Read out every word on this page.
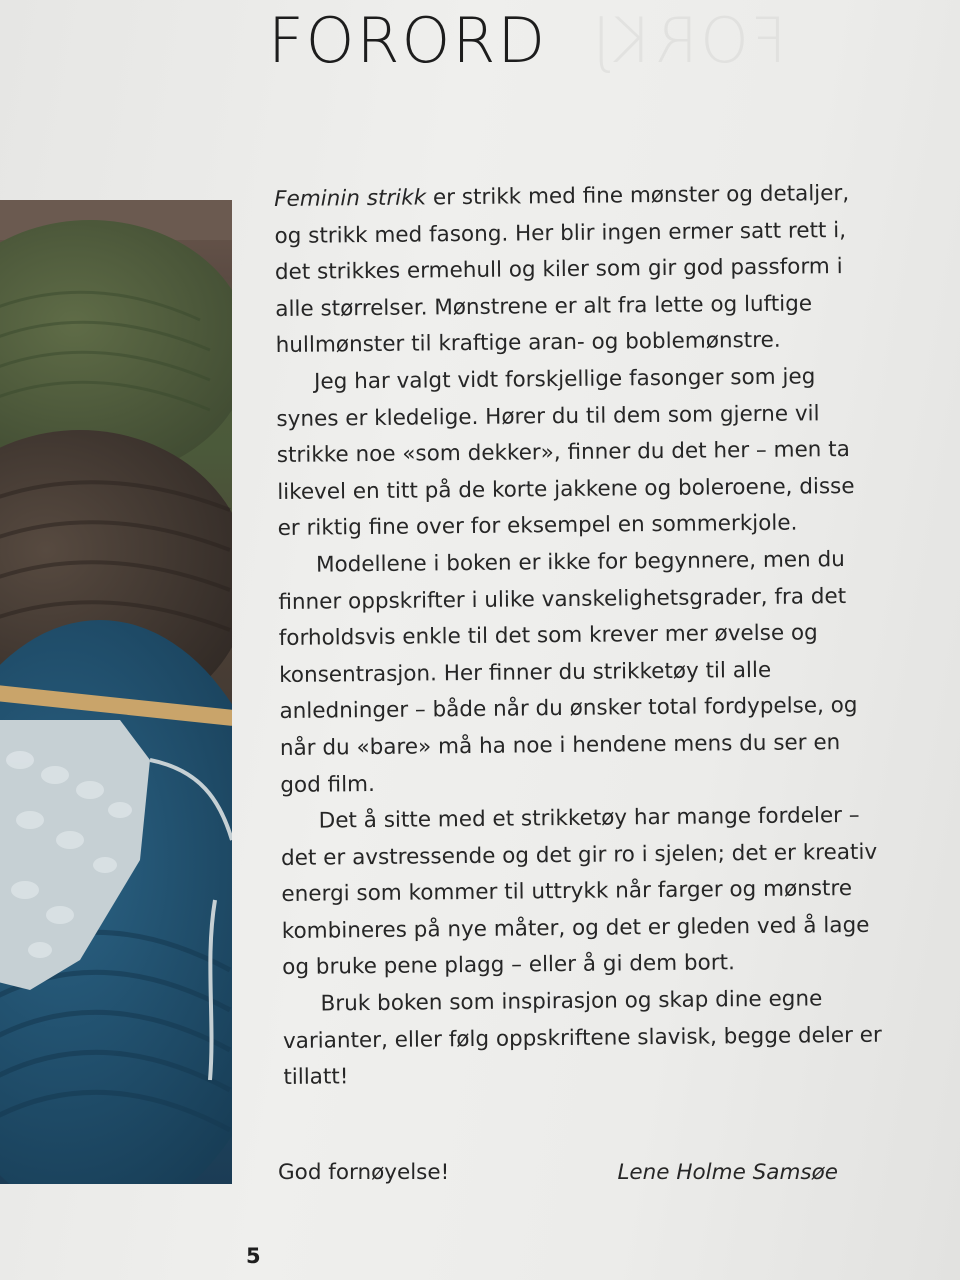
FORKJ
FORORD

Feminin strikk er strikk med fine mønster og detaljer, og strikk med fasong. Her blir ingen ermer satt rett i, det strikkes ermehull og kiler som gir god passform i alle størrelser. Mønstrene er alt fra lette og luftige hullmønster til kraftige aran- og boblemønstre.

Jeg har valgt vidt forskjellige fasonger som jeg synes er kledelige. Hører du til dem som gjerne vil strikke noe «som dekker», finner du det her – men ta likevel en titt på de korte jakkene og boleroene, disse er riktig fine over for eksempel en sommerkjole.

Modellene i boken er ikke for begynnere, men du finner oppskrifter i ulike vanskelighetsgrader, fra det forholdsvis enkle til det som krever mer øvelse og konsentrasjon. Her finner du strikketøy til alle anledninger – både når du ønsker total fordypelse, og når du «bare» må ha noe i hendene mens du ser en god film.

Det å sitte med et strikketøy har mange fordeler – det er avstressende og det gir ro i sjelen; det er kreativ energi som kommer til uttrykk når farger og mønstre kombineres på nye måter, og det er gleden ved å lage og bruke pene plagg – eller å gi dem bort.

Bruk boken som inspirasjon og skap dine egne varianter, eller følg oppskriftene slavisk, begge deler er tillatt!

God fornøyelse!	Lene Holme Samsøe
5
